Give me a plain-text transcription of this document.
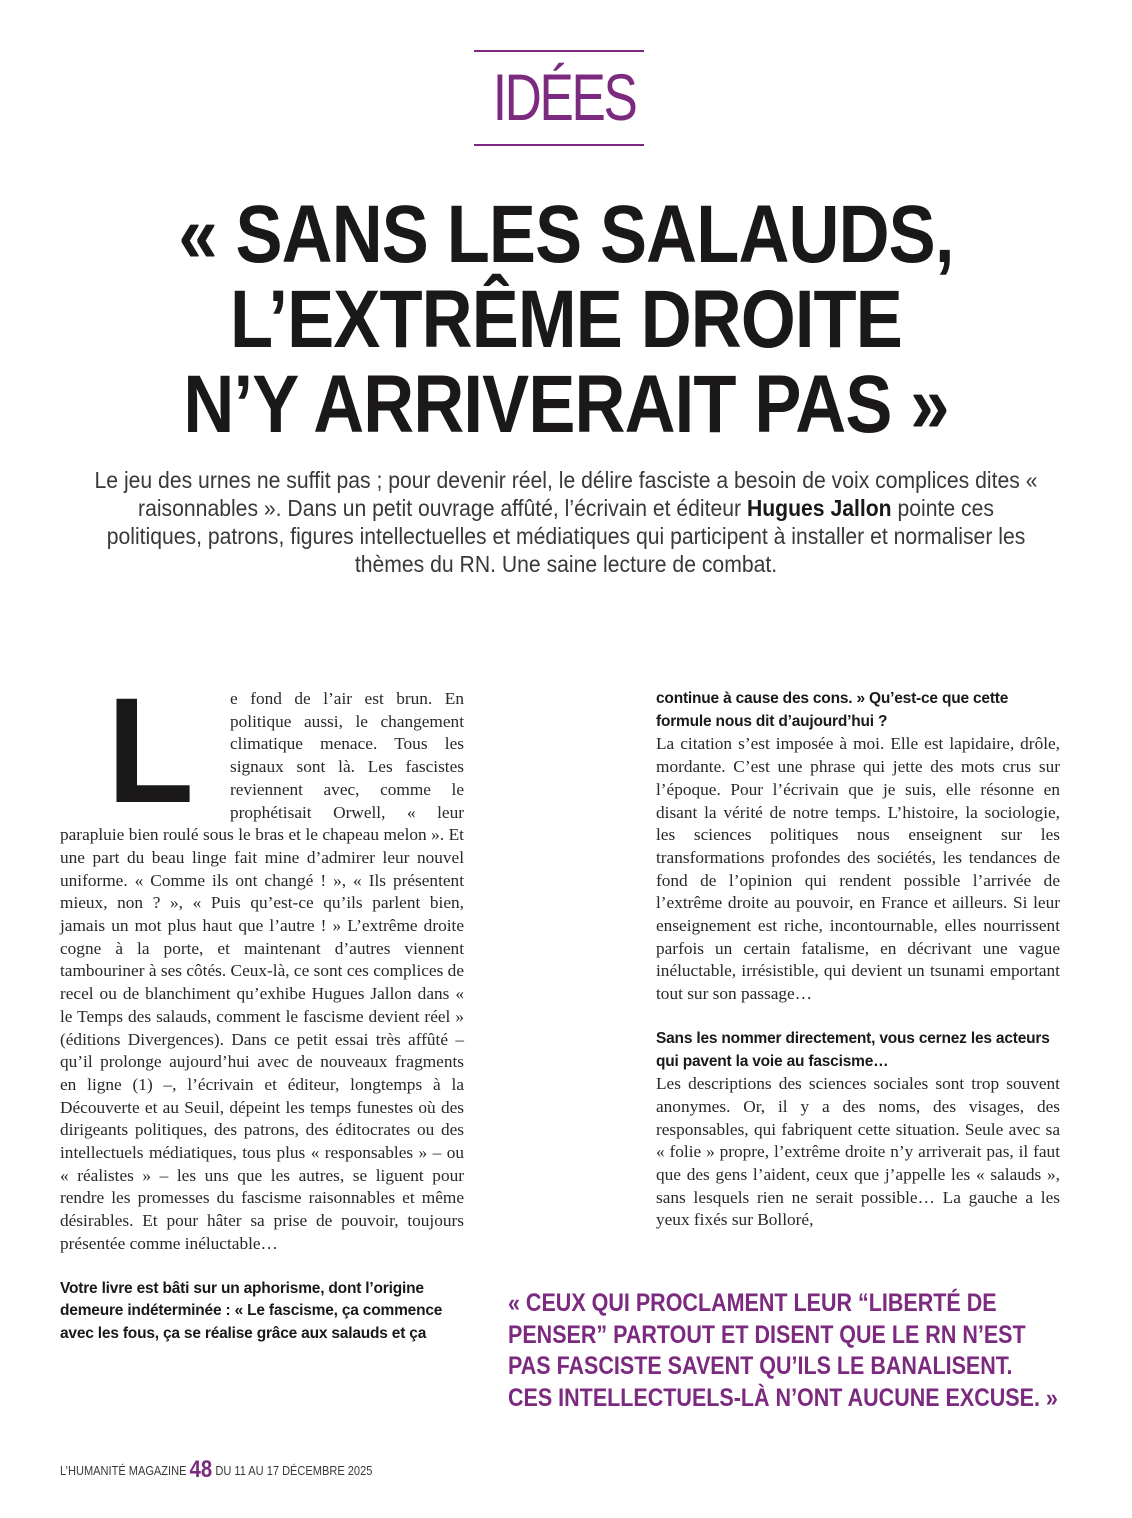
IDÉES
« SANS LES SALAUDS,
L’EXTRÊME DROITE
N’Y ARRIVERAIT PAS »
Le jeu des urnes ne suffit pas ; pour devenir réel, le délire fasciste a besoin de voix complices dites « raisonnables ». Dans un petit ouvrage affûté, l’écrivain et éditeur Hugues Jallon pointe ces politiques, patrons, figures intellectuelles et médiatiques qui participent à installer et normaliser les thèmes du RN. Une saine lecture de combat.
L	e fond de l’air est brun. En politique aussi, le changement climatique menace. Tous les signaux sont là. Les fascistes reviennent avec, comme le prophétisait Orwell, « leur parapluie bien roulé sous le bras et le chapeau melon ». Et une part du beau linge fait mine d’admirer leur nouvel uniforme. « Comme ils ont changé ! », « Ils présentent mieux, non ? », « Puis qu’est-ce qu’ils parlent bien, jamais un mot plus haut que l’autre ! » L’extrême droite cogne à la porte, et maintenant d’autres viennent tambouriner à ses côtés. Ceux-là, ce sont ces complices de recel ou de blanchiment qu’exhibe Hugues Jallon dans « le Temps des salauds, comment le fascisme devient réel » (éditions Divergences). Dans ce petit essai très affûté – qu’il prolonge aujourd’hui avec de nouveaux fragments en ligne (1) –, l’écrivain et éditeur, longtemps à la Découverte et au Seuil, dépeint les temps funestes où des dirigeants politiques, des patrons, des éditocrates ou des intellectuels médiatiques, tous plus « responsables » – ou « réalistes » – les uns que les autres, se liguent pour rendre les promesses du fascisme raisonnables et même désirables. Et pour hâter sa prise de pouvoir, toujours présentée comme inéluctable…

Votre livre est bâti sur un aphorisme, dont l’origine demeure indéterminée : « Le fascisme, ça commence avec les fous, ça se réalise grâce aux salauds et ça

continue à cause des cons. » Qu’est-ce que cette formule nous dit d’aujourd’hui ?

La citation s’est imposée à moi. Elle est lapidaire, drôle, mordante. C’est une phrase qui jette des mots crus sur l’époque. Pour l’écrivain que je suis, elle résonne en disant la vérité de notre temps. L’histoire, la sociologie, les sciences politiques nous enseignent sur les transformations profondes des sociétés, les tendances de fond de l’opinion qui rendent possible l’arrivée de l’extrême droite au pouvoir, en France et ailleurs. Si leur enseignement est riche, incontournable, elles nourrissent parfois un certain fatalisme, en décrivant une vague inéluctable, irrésistible, qui devient un tsunami emportant tout sur son passage…

Sans les nommer directement, vous cernez les acteurs qui pavent la voie au fascisme…

Les descriptions des sciences sociales sont trop souvent anonymes. Or, il y a des noms, des visages, des responsables, qui fabriquent cette situation. Seule avec sa « folie » propre, l’extrême droite n’y arriverait pas, il faut que des gens l’aident, ceux que j’appelle les « salauds », sans lesquels rien ne serait possible… La gauche a les yeux fixés sur Bolloré,

« CEUX QUI PROCLAMENT LEUR “LIBERTÉ DE
PENSER” PARTOUT ET DISENT QUE LE RN N’EST
PAS FASCISTE SAVENT QU’ILS LE BANALISENT.
CES INTELLECTUELS-LÀ N’ONT AUCUNE EXCUSE. »
L’HUMANITÉ MAGAZINE 48 DU 11 AU 17 DÉCEMBRE 2025
